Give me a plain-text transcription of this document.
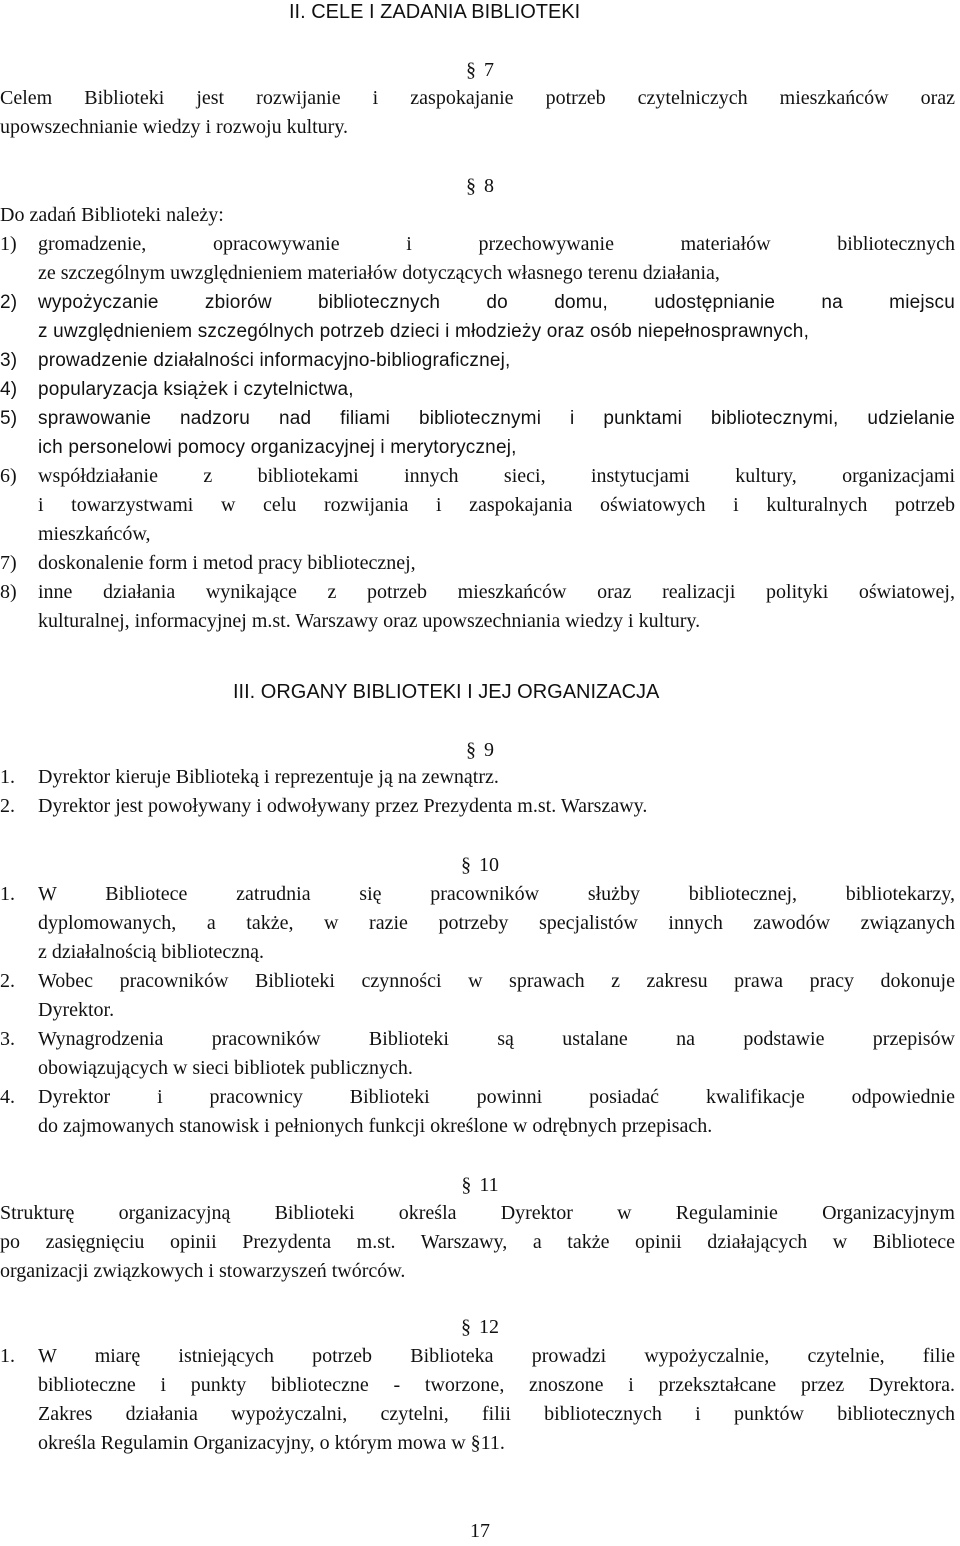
II. CELE I ZADANIA BIBLIOTEKI
§ 7
Celem Biblioteki jest rozwijanie i zaspokajanie potrzeb czytelniczych mieszkańców oraz
upowszechnianie wiedzy i rozwoju kultury.
§ 8
Do zadań Biblioteki należy:
1) gromadzenie, opracowywanie i przechowywanie materiałów bibliotecznych
ze szczególnym uwzględnieniem materiałów dotyczących własnego terenu działania,
2) wypożyczanie zbiorów bibliotecznych do domu, udostępnianie na miejscu
z uwzględnieniem szczególnych potrzeb dzieci i młodzieży oraz osób niepełnosprawnych,
3) prowadzenie działalności informacyjno-bibliograficznej,
4) popularyzacja książek i czytelnictwa,
5) sprawowanie nadzoru nad filiami bibliotecznymi i punktami bibliotecznymi, udzielanie
ich personelowi pomocy organizacyjnej i merytorycznej,
6) współdziałanie z bibliotekami innych sieci, instytucjami kultury, organizacjami
i towarzystwami w celu rozwijania i zaspokajania oświatowych i kulturalnych potrzeb
mieszkańców,
7) doskonalenie form i metod pracy bibliotecznej,
8) inne działania wynikające z potrzeb mieszkańców oraz realizacji polityki oświatowej,
kulturalnej, informacyjnej m.st. Warszawy oraz upowszechniania wiedzy i kultury.
III. ORGANY BIBLIOTEKI I JEJ ORGANIZACJA
§ 9
1. Dyrektor kieruje Biblioteką i reprezentuje ją na zewnątrz.
2. Dyrektor jest powoływany i odwoływany przez Prezydenta m.st. Warszawy.
§ 10
1. W Bibliotece zatrudnia się pracowników służby bibliotecznej, bibliotekarzy,
dyplomowanych, a także, w razie potrzeby specjalistów innych zawodów związanych
z działalnością biblioteczną.
2. Wobec pracowników Biblioteki czynności w sprawach z zakresu prawa pracy dokonuje
Dyrektor.
3. Wynagrodzenia pracowników Biblioteki są ustalane na podstawie przepisów
obowiązujących w sieci bibliotek publicznych.
4. Dyrektor i pracownicy Biblioteki powinni posiadać kwalifikacje odpowiednie
do zajmowanych stanowisk i pełnionych funkcji określone w odrębnych przepisach.
§ 11
Strukturę organizacyjną Biblioteki określa Dyrektor w Regulaminie Organizacyjnym
po zasięgnięciu opinii Prezydenta m.st. Warszawy, a także opinii działających w Bibliotece
organizacji związkowych i stowarzyszeń twórców.
§ 12
1. W miarę istniejących potrzeb Biblioteka prowadzi wypożyczalnie, czytelnie, filie
biblioteczne i punkty biblioteczne - tworzone, znoszone i przekształcane przez Dyrektora.
Zakres działania wypożyczalni, czytelni, filii bibliotecznych i punktów bibliotecznych
określa Regulamin Organizacyjny, o którym mowa w §11.
17
